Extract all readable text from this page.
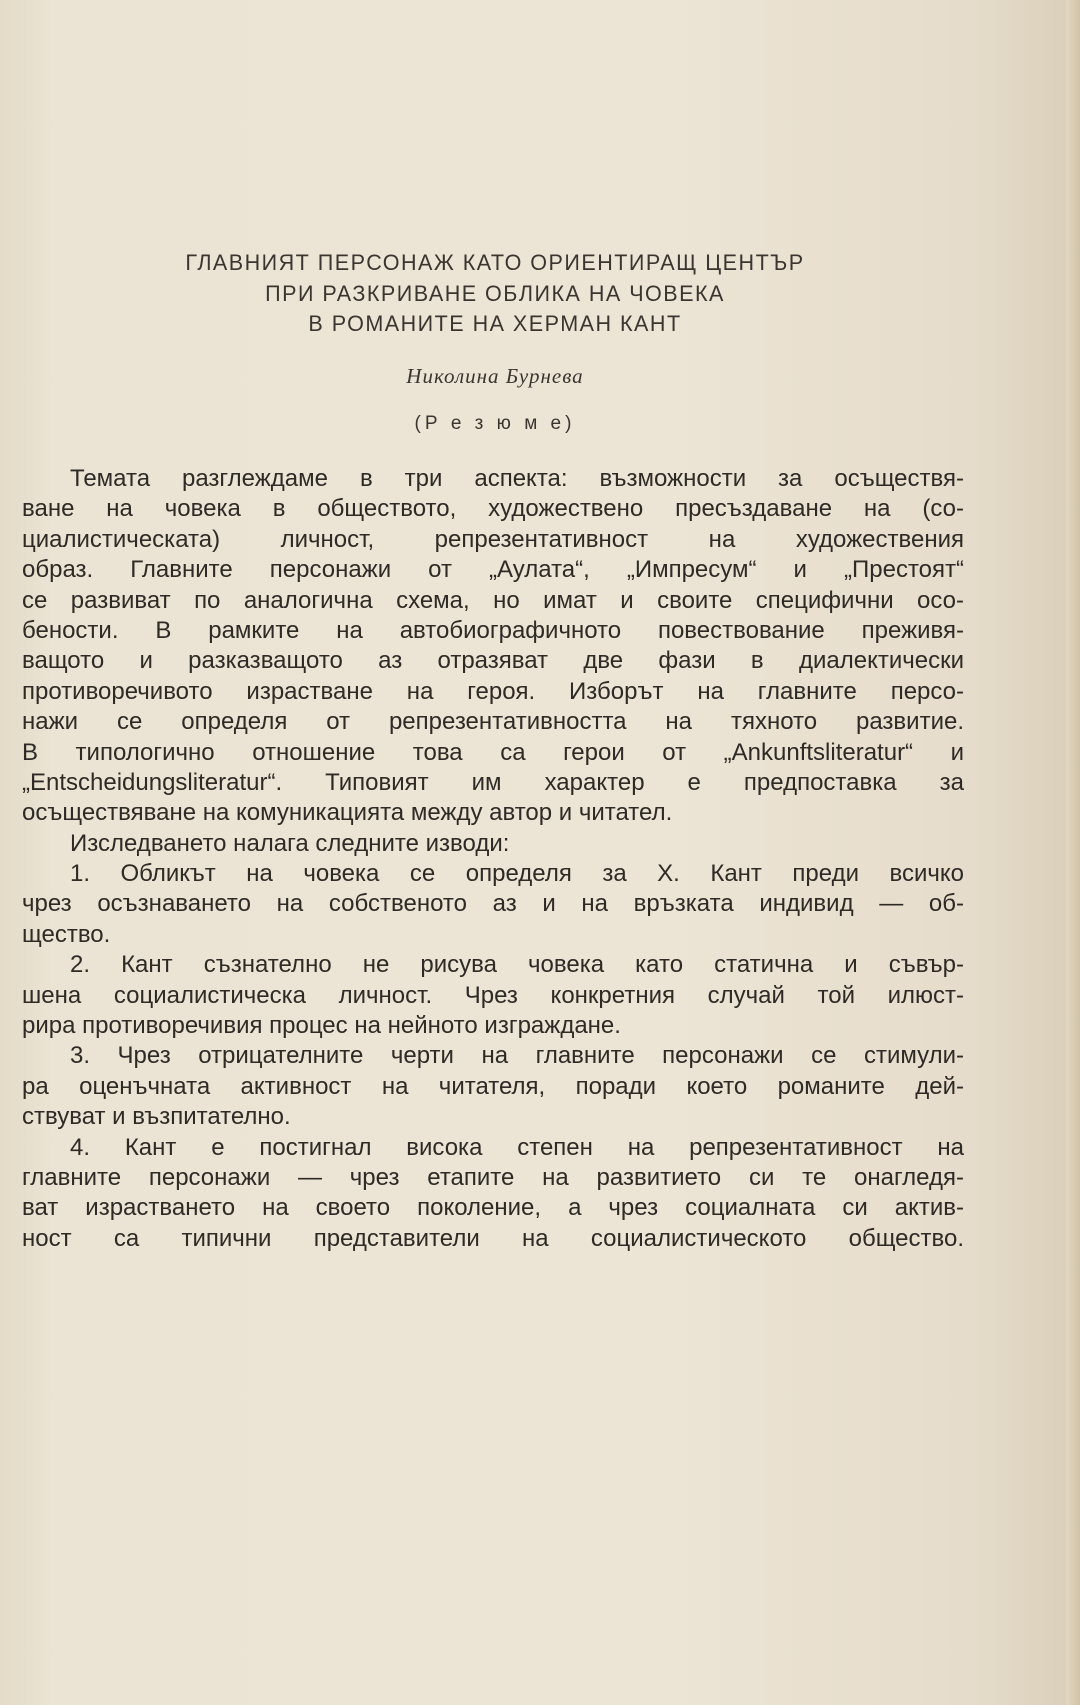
ГЛАВНИЯТ ПЕРСОНАЖ КАТО ОРИЕНТИРАЩ ЦЕНТЪР
ПРИ РАЗКРИВАНЕ ОБЛИКА НА ЧОВЕКА
В РОМАНИТЕ НА ХЕРМАН КАНТ
Николина Бурнева
(Р е з ю м е)
Темата разглеждаме в три аспекта: възможности за осъществя-
ване на човека в обществото, художествено пресъздаване на (со-
циалистическата) личност, репрезентативност на художествения
образ. Главните персонажи от „Аулата“, „Импресум“ и „Престоят“
се развиват по аналогична схема, но имат и своите специфични осо-
бености. В рамките на автобиографичното повествование преживя-
ващото и разказващото аз отразяват две фази в диалектически
противоречивото израстване на героя. Изборът на главните персо-
нажи се определя от репрезентативността на тяхното развитие.
В типологично отношение това са герои от „Ankunftsliteratur“ и
„Entscheidungsliteratur“. Типовият им характер е предпоставка за
осъществяване на комуникацията между автор и читател.
Изследването налага следните изводи:
1. Обликът на човека се определя за Х. Кант преди всичко
чрез осъзнаването на собственото аз и на връзката индивид — об-
щество.
2. Кант съзнателно не рисува човека като статична и съвър-
шена социалистическа личност. Чрез конкретния случай той илюст-
рира противоречивия процес на нейното изграждане.
3. Чрез отрицателните черти на главните персонажи се стимули-
ра оценъчната активност на читателя, поради което романите дей-
ствуват и възпитателно.
4. Кант е постигнал висока степен на репрезентативност на
главните персонажи — чрез етапите на развитието си те онагледя-
ват израстването на своето поколение, а чрез социалната си актив-
ност са типични представители на социалистическото общество.
